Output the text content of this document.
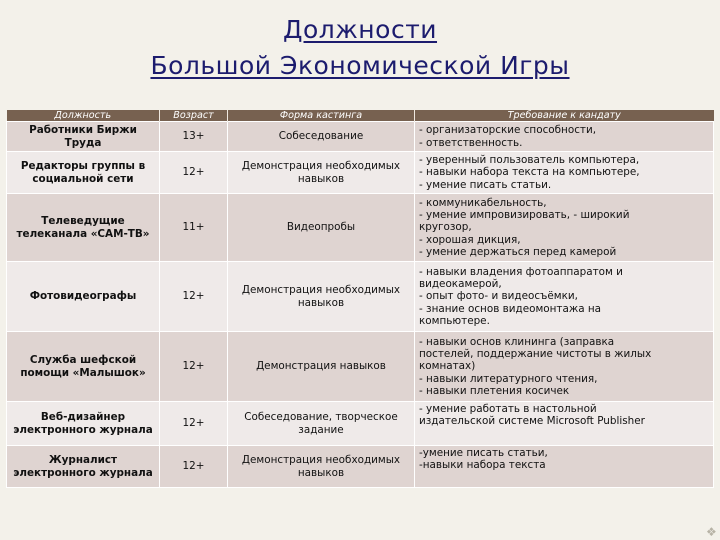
Должности
Большой Экономической Игры
Должность	Возраст	Форма кастинга	Требование к кандату
Работники Биржи Труда	13+	Собеседование	- организаторские способности,
- ответственность.

Редакторы группы в социальной сети	12+	Демонстрация необходимых навыков	- уверенный пользователь компьютера,
- навыки набора текста на компьютере,
- умение писать статьи.

Телеведущие телеканала «САМ-ТВ»	11+	Видеопробы	- коммуникабельность,
- умение импровизировать, - широкий
кругозор,
- хорошая дикция,
- умение держаться перед камерой

Фотовидеографы	12+	Демонстрация необходимых навыков	- навыки владения фотоаппаратом и
видеокамерой,
- опыт фото- и видеосъёмки,
- знание основ видеомонтажа на
компьютере.

Служба шефской помощи «Малышок»	12+	Демонстрация навыков	- навыки основ клининга (заправка
постелей, поддержание чистоты в жилых
комнатах)
- навыки литературного чтения,
- навыки плетения косичек

Веб-дизайнер электронного журнала	12+	Собеседование, творческое задание	- умение работать в настольной
издательской системе Microsoft Publisher

Журналист электронного журнала	12+	Демонстрация необходимых навыков	-умение писать статьи,
-навыки набора текста
❖
